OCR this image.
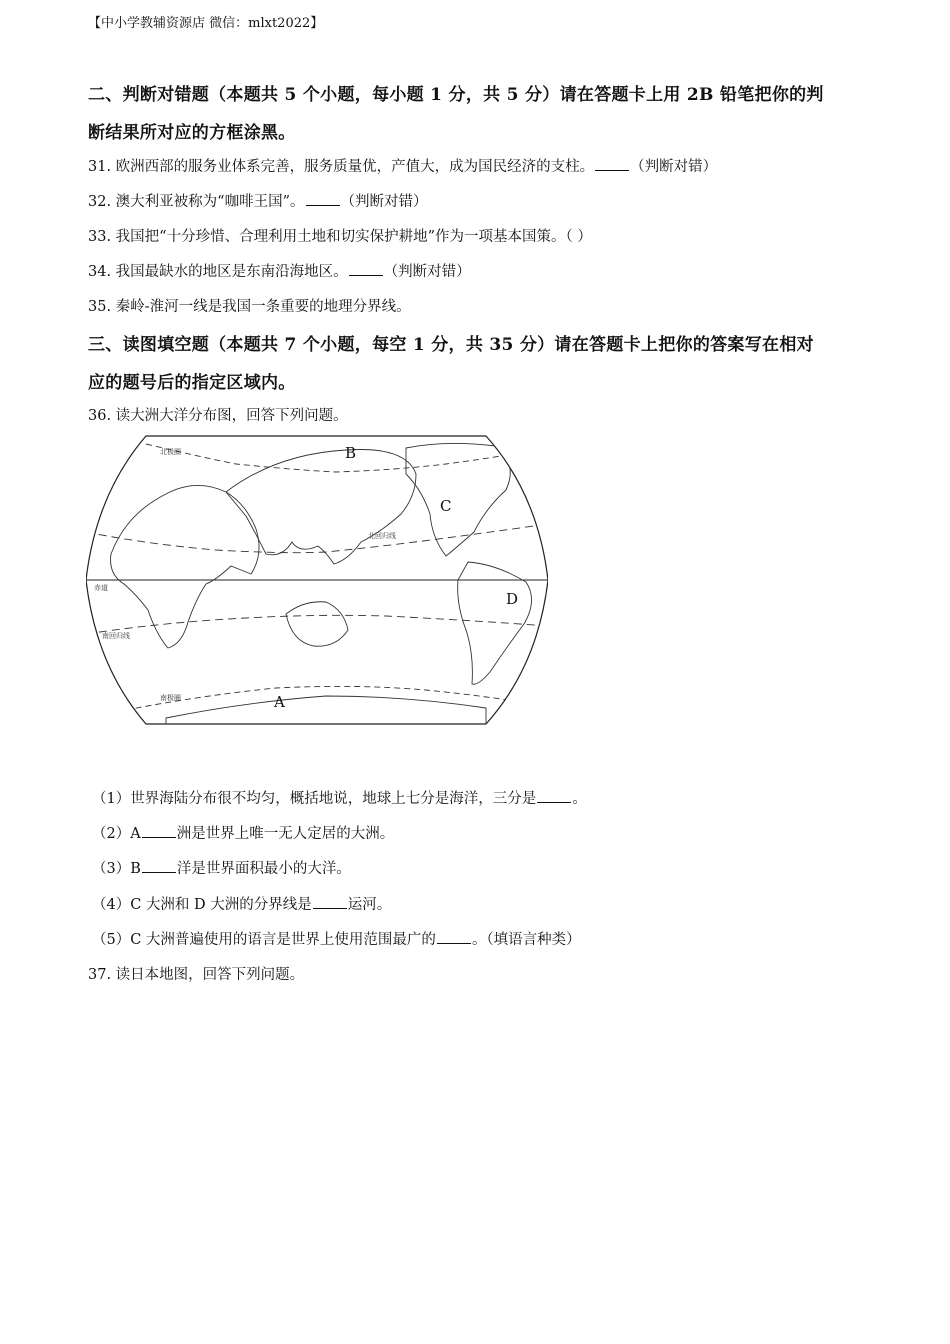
【中小学教辅资源店 微信：mlxt2022】
二、判断对错题（本题共 5 个小题，每小题 1 分，共 5 分）请在答题卡上用 2B 铅笔把你的判
断结果所对应的方框涂黑。
31. 欧洲西部的服务业体系完善，服务质量优，产值大，成为国民经济的支柱。 （判断对错）
32. 澳大利亚被称为“咖啡王国”。 （判断对错）
33. 我国把“十分珍惜、合理利用土地和切实保护耕地”作为一项基本国策。（ ）
34. 我国最缺水的地区是东南沿海地区。 （判断对错）
35. 秦岭-淮河一线是我国一条重要的地理分界线。
三、读图填空题（本题共 7 个小题，每空 1 分，共 35 分）请在答题卡上把你的答案写在相对
应的题号后的指定区域内。
36. 读大洲大洋分布图，回答下列问题。
B
C
D
A
北极圈
北回归线
赤道
南回归线
南极圈
（1）世界海陆分布很不均匀，概括地说，地球上七分是海洋，三分是 。
（2）A 洲是世界上唯一无人定居的大洲。
（3）B 洋是世界面积最小的大洋。
（4）C 大洲和 D 大洲的分界线是 运河。
（5）C 大洲普遍使用的语言是世界上使用范围最广的 。（填语言种类）
37. 读日本地图，回答下列问题。
